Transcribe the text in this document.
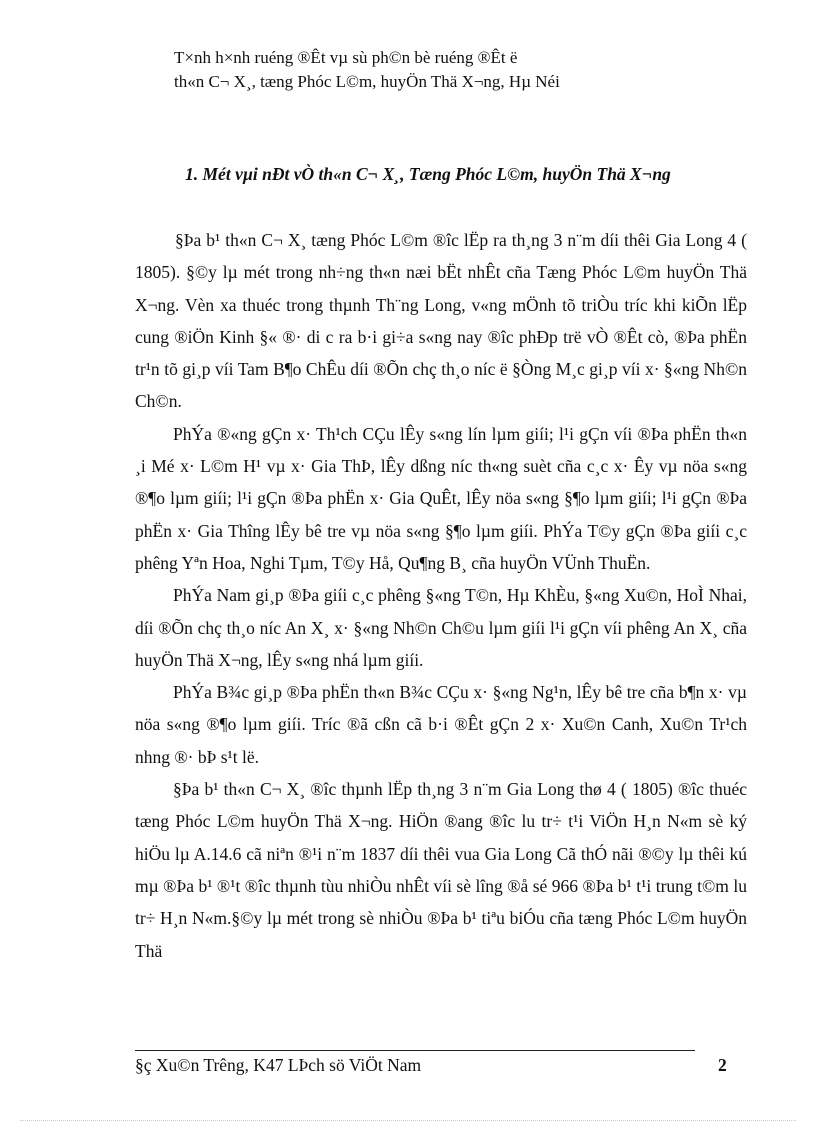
T×nh h×nh ruéng ®Êt vµ sù ph©n bè ruéng ®Êt ë

th«n C¬ X¸, tæng Phóc L©m, huyÖn Thä X¬ng, Hµ Néi

1. Mét vµi nÐt vÒ th«n C¬ X¸, Tæng Phóc L©m, huyÖn Thä X¬ng

§Þa b¹ th«n C¬ X¸ tæng Phóc L©m ®îc lËp ra th¸ng 3 n¨m díi thêi Gia Long 4 ( 1805). §©y lµ mét trong nh÷ng th«n næi bËt nhÊt cña Tæng Phóc L©m huyÖn Thä X¬ng. Vèn xa thuéc trong thµnh Th¨ng Long, v«ng mÖnh tõ triÒu tríc khi kiÕn lËp cung ®iÖn Kinh §« ®· di c ra b·i gi÷a s«ng nay ®îc phÐp trë vÒ ®Êt cò, ®Þa phËn tr¹n tõ gi¸p víi Tam B¶o ChÊu díi ®Õn chç th¸o níc ë §Òng M¸c gi¸p víi x· §«ng Nh©n Ch©n.

PhÝa ®«ng gÇn x· Th¹ch CÇu lÊy s«ng lín lµm giíi; l¹i gÇn víi ®Þa phËn th«n ¸i Mé x· L©m H¹ vµ x· Gia ThÞ, lÊy dßng níc th«ng suèt cña c¸c x· Êy vµ nöa s«ng ®¶o lµm giíi; l¹i gÇn ®Þa phËn x· Gia QuÊt, lÊy nöa s«ng §¶o lµm giíi; l¹i gÇn ®Þa phËn x· Gia Thîng lÊy bê tre vµ nöa s«ng §¶o lµm giíi. PhÝa T©y gÇn ®Þa giíi c¸c phêng Yªn Hoa, Nghi Tµm, T©y Hå, Qu¶ng B¸ cña huyÖn VÜnh ThuËn.

PhÝa Nam gi¸p ®Þa giíi c¸c phêng §«ng T©n, Hµ KhÈu, §«ng Xu©n, HoÌ Nhai, díi ®Õn chç th¸o níc An X¸ x· §«ng Nh©n Ch©u lµm giíi l¹i gÇn víi phêng An X¸ cña huyÖn Thä X¬ng, lÊy s«ng nhá lµm giíi.

PhÝa B¾c gi¸p ®Þa phËn th«n B¾c CÇu x· §«ng Ng¹n, lÊy bê tre cña b¶n x· vµ nöa s«ng ®¶o lµm giíi. Tríc ®ã cßn cã b·i ®Êt gÇn 2 x· Xu©n Canh, Xu©n Tr¹ch nhng ®· bÞ s¹t lë.

§Þa b¹ th«n C¬ X¸ ®îc thµnh lËp th¸ng 3 n¨m Gia Long thø 4 ( 1805) ®îc thuéc tæng Phóc L©m huyÖn Thä X¬ng. HiÖn ®ang ®îc lu tr÷ t¹i ViÖn H¸n N«m sè ký hiÖu lµ A.14.6 cã niªn ®¹i n¨m 1837 díi thêi vua Gia Long Cã thÓ nãi ®©y lµ thêi kú mµ ®Þa b¹ ®¹t ®îc thµnh tùu nhiÒu nhÊt víi sè lîng ®å sé 966 ®Þa b¹ t¹i trung t©m lu tr÷ H¸n N«m.§©y lµ mét trong sè nhiÒu ®Þa b¹ tiªu biÓu cña tæng Phóc L©m huyÖn Thä

§ç Xu©n Trêng, K47 LÞch sö ViÖt Nam	2
